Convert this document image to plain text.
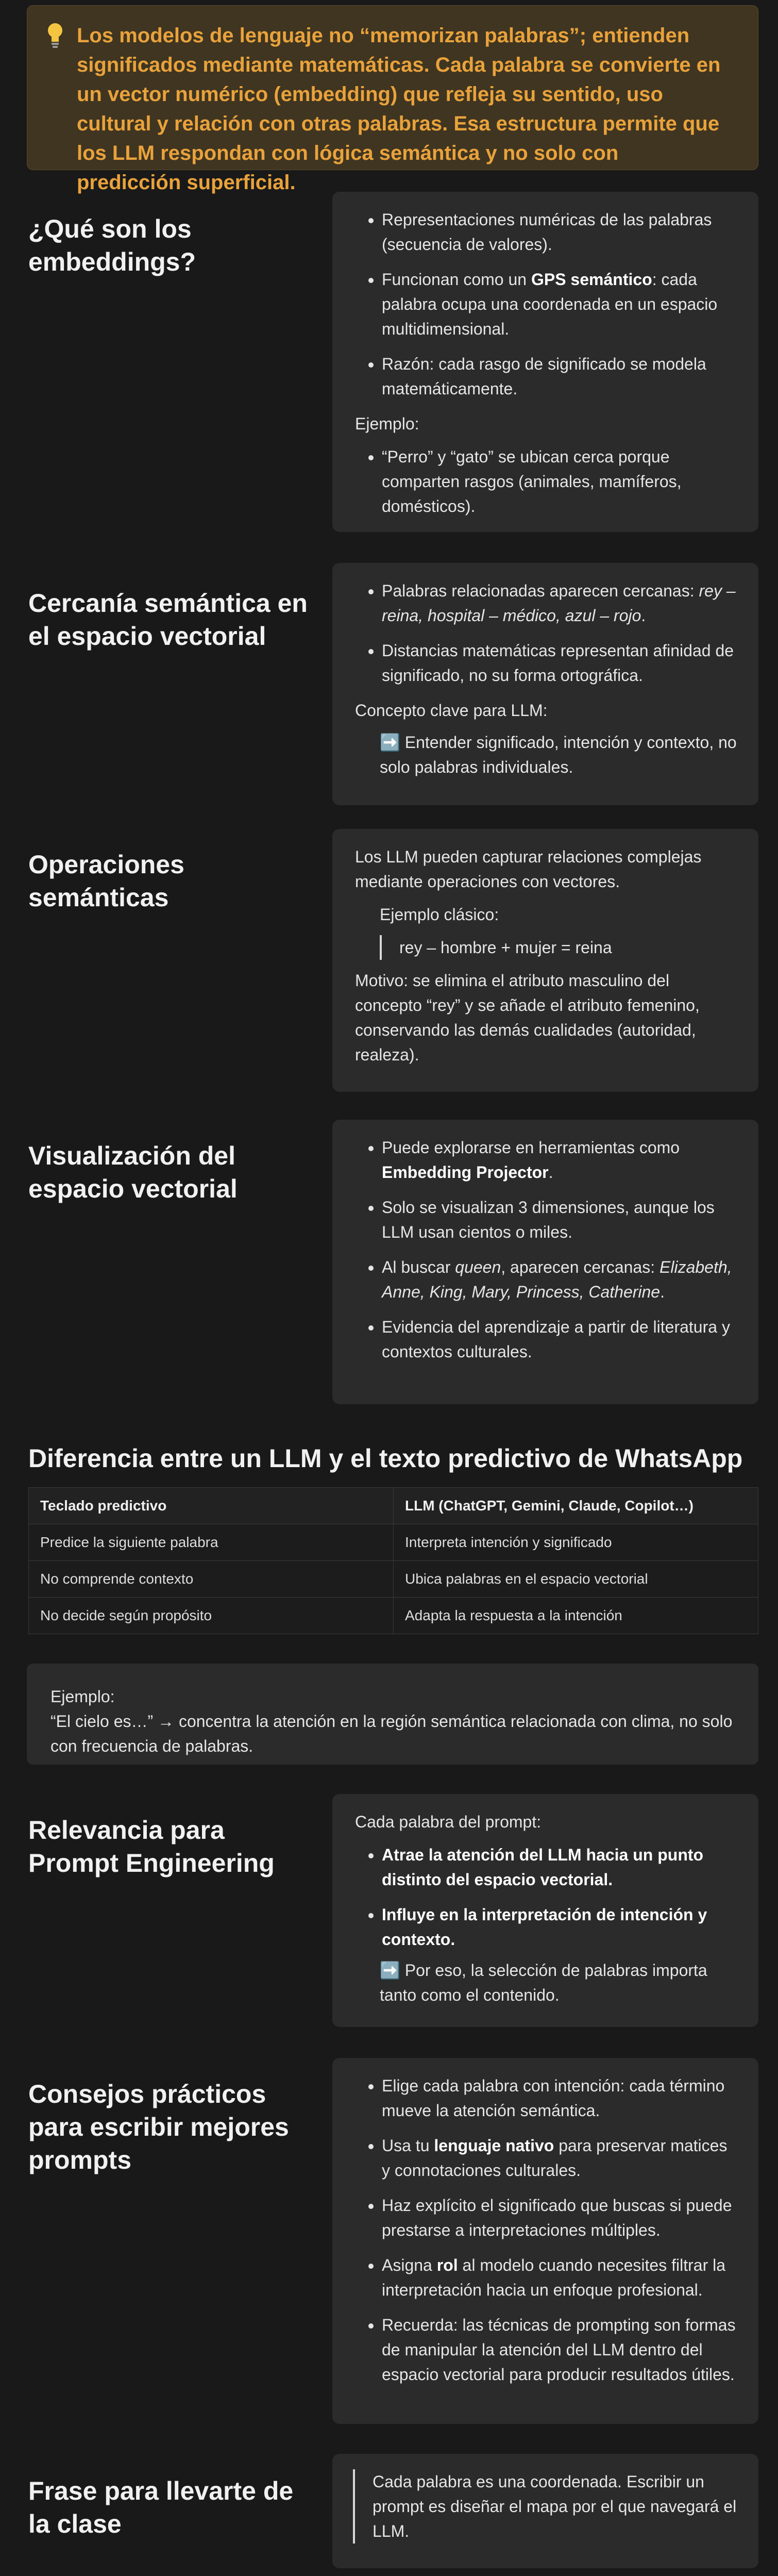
Los modelos de lenguaje no “memorizan palabras”; entienden significados mediante matemáticas. Cada palabra se convierte en un vector numérico (embedding) que refleja su sentido, uso cultural y relación con otras palabras. Esa estructura permite que los LLM respondan con lógica semántica y no solo con predicción superficial.

¿Qué son los embeddings?
• Representaciones numéricas de las palabras (secuencia de valores).
• Funcionan como un GPS semántico: cada palabra ocupa una coordenada en un espacio multidimensional.
• Razón: cada rasgo de significado se modela matemáticamente.

Ejemplo:

• “Perro” y “gato” se ubican cerca porque comparten rasgos (animales, mamíferos, domésticos).
Cercanía semántica en el espacio vectorial
• Palabras relacionadas aparecen cercanas: rey – reina, hospital – médico, azul – rojo.
• Distancias matemáticas representan afinidad de significado, no su forma ortográfica.

Concepto clave para LLM:

➡️ Entender significado, intención y contexto, no solo palabras individuales.

Operaciones semánticas

Los LLM pueden capturar relaciones complejas mediante operaciones con vectores.

Ejemplo clásico:

rey – hombre + mujer = reina

Motivo: se elimina el atributo masculino del concepto “rey” y se añade el atributo femenino, conservando las demás cualidades (autoridad, realeza).

Visualización del espacio vectorial
• Puede explorarse en herramientas como Embedding Projector.
• Solo se visualizan 3 dimensiones, aunque los LLM usan cientos o miles.
• Al buscar queen, aparecen cercanas: Elizabeth, Anne, King, Mary, Princess, Catherine.
• Evidencia del aprendizaje a partir de literatura y contextos culturales.
Diferencia entre un LLM y el texto predictivo de WhatsApp
Teclado predictivo	LLM (ChatGPT, Gemini, Claude, Copilot…)
Predice la siguiente palabra	Interpreta intención y significado
No comprende contexto	Ubica palabras en el espacio vectorial
No decide según propósito	Adapta la respuesta a la intención

Ejemplo:

“El cielo es…” → concentra la atención en la región semántica relacionada con clima, no solo con frecuencia de palabras.

Relevancia para Prompt Engineering

Cada palabra del prompt:

• Atrae la atención del LLM hacia un punto distinto del espacio vectorial.
• Influye en la interpretación de intención y contexto.

➡️ Por eso, la selección de palabras importa tanto como el contenido.

Consejos prácticos para escribir mejores prompts
• Elige cada palabra con intención: cada término mueve la atención semántica.
• Usa tu lenguaje nativo para preservar matices y connotaciones culturales.
• Haz explícito el significado que buscas si puede prestarse a interpretaciones múltiples.
• Asigna rol al modelo cuando necesites filtrar la interpretación hacia un enfoque profesional.
• Recuerda: las técnicas de prompting son formas de manipular la atención del LLM dentro del espacio vectorial para producir resultados útiles.
Frase para llevarte de la clase
Cada palabra es una coordenada. Escribir un prompt es diseñar el mapa por el que navegará el LLM.
